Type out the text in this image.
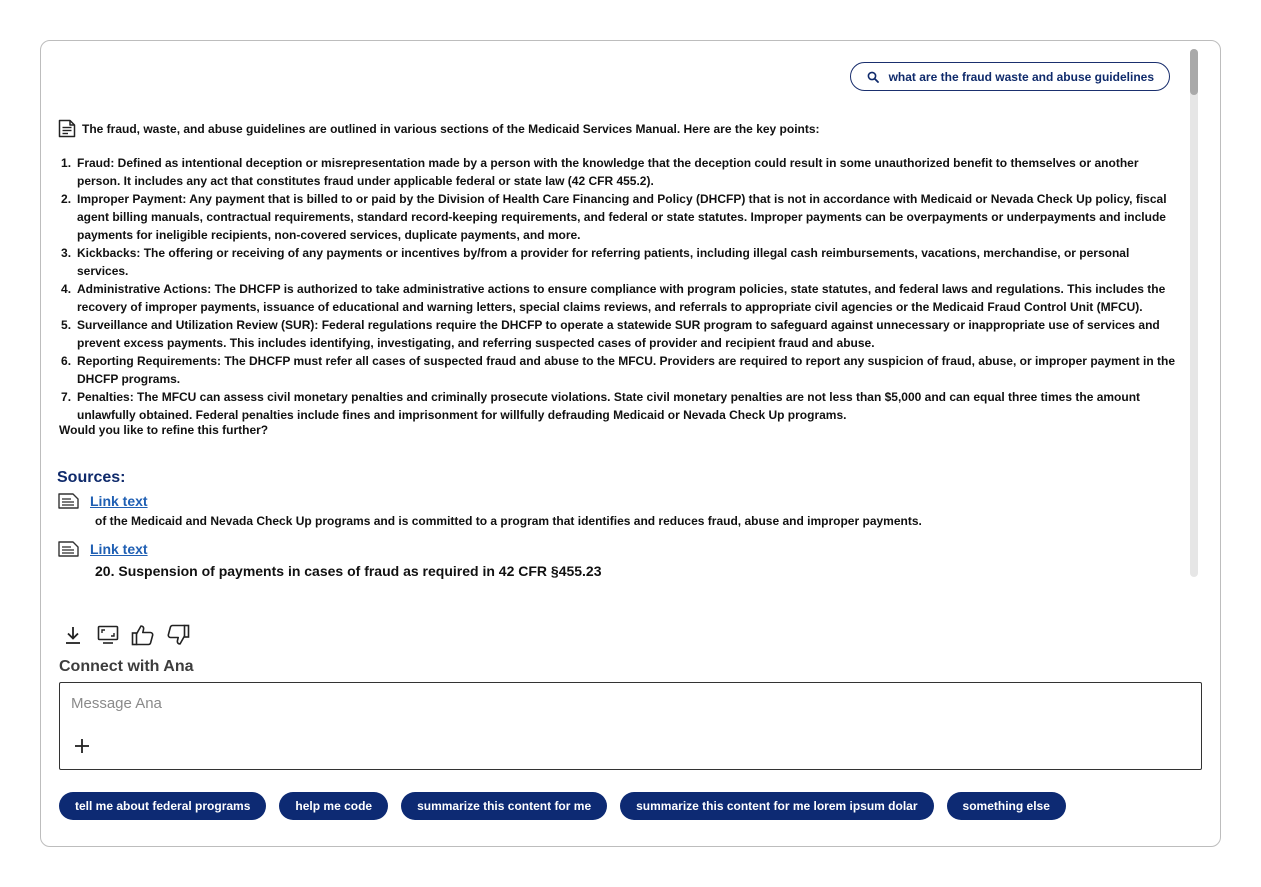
what are the fraud waste and abuse guidelines
The fraud, waste, and abuse guidelines are outlined in various sections of the Medicaid Services Manual. Here are the key points:
Fraud: Defined as intentional deception or misrepresentation made by a person with the knowledge that the deception could result in some unauthorized benefit to themselves or another person. It includes any act that constitutes fraud under applicable federal or state law (42 CFR 455.2).
Improper Payment: Any payment that is billed to or paid by the Division of Health Care Financing and Policy (DHCFP) that is not in accordance with Medicaid or Nevada Check Up policy, fiscal agent billing manuals, contractual requirements, standard record-keeping requirements, and federal or state statutes. Improper payments can be overpayments or underpayments and include payments for ineligible recipients, non-covered services, duplicate payments, and more.
Kickbacks: The offering or receiving of any payments or incentives by/from a provider for referring patients, including illegal cash reimbursements, vacations, merchandise, or personal services.
Administrative Actions: The DHCFP is authorized to take administrative actions to ensure compliance with program policies, state statutes, and federal laws and regulations. This includes the recovery of improper payments, issuance of educational and warning letters, special claims reviews, and referrals to appropriate civil agencies or the Medicaid Fraud Control Unit (MFCU).
Surveillance and Utilization Review (SUR): Federal regulations require the DHCFP to operate a statewide SUR program to safeguard against unnecessary or inappropriate use of services and prevent excess payments. This includes identifying, investigating, and referring suspected cases of provider and recipient fraud and abuse.
Reporting Requirements: The DHCFP must refer all cases of suspected fraud and abuse to the MFCU. Providers are required to report any suspicion of fraud, abuse, or improper payment in the DHCFP programs.
Penalties: The MFCU can assess civil monetary penalties and criminally prosecute violations. State civil monetary penalties are not less than $5,000 and can equal three times the amount unlawfully obtained. Federal penalties include fines and imprisonment for willfully defrauding Medicaid or Nevada Check Up programs.
Would you like to refine this further?
Sources:
Link text
of the Medicaid and Nevada Check Up programs and is committed to a program that identifies and reduces fraud, abuse and improper payments.
Link text
20. Suspension of payments in cases of fraud as required in 42 CFR §455.23
Connect with Ana
Message Ana
tell me about federal programs	help me code	summarize this content for me	summarize this content for me lorem ipsum dolar	something else
